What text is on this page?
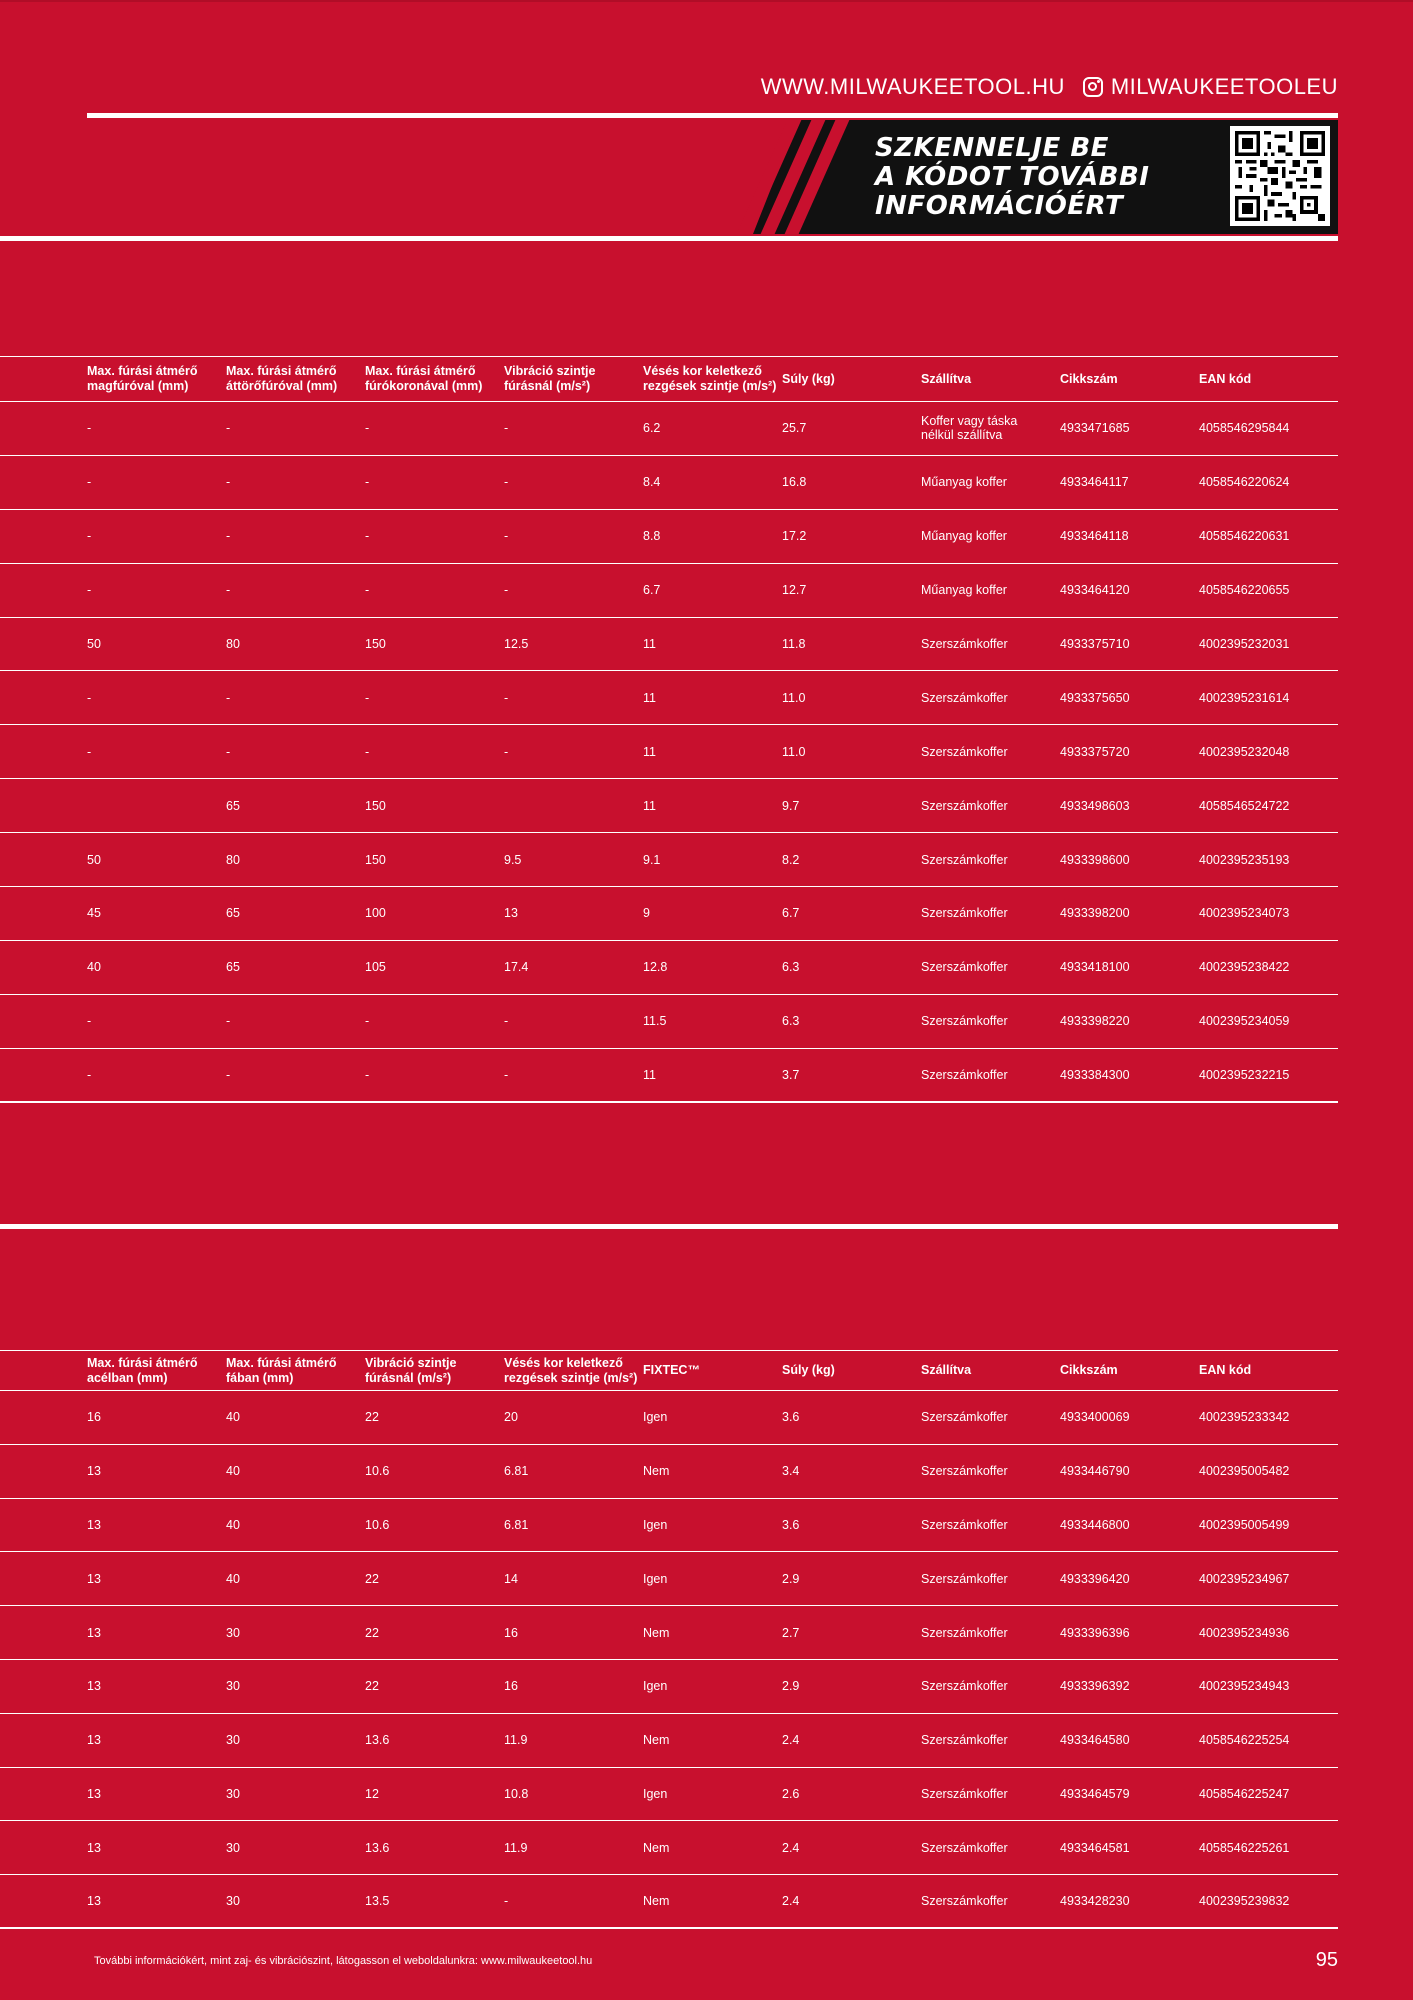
WWW.MILWAUKEETOOL.HU MILWAUKEETOOLEU
SZKENNELJE BE
A KÓDOT TOVÁBBI
INFORMÁCIÓÉRT
	Max. fúrási átmérő magfúróval (mm)	Max. fúrási átmérő áttörőfúróval (mm)	Max. fúrási átmérő fúrókoronával (mm)	Vibráció szintje fúrásnál (m/s²)	Vésés kor keletkező rezgések szintje (m/s²)	Súly (kg)	Szállítva	Cikkszám	EAN kód
	-	-	-	-	6.2	25.7	Koffer vagy táska nélkül szállítva	4933471685	4058546295844
	-	-	-	-	8.4	16.8	Műanyag koffer	4933464117	4058546220624
	-	-	-	-	8.8	17.2	Műanyag koffer	4933464118	4058546220631
	-	-	-	-	6.7	12.7	Műanyag koffer	4933464120	4058546220655
	50	80	150	12.5	11	11.8	Szerszámkoffer	4933375710	4002395232031
	-	-	-	-	11	11.0	Szerszámkoffer	4933375650	4002395231614
	-	-	-	-	11	11.0	Szerszámkoffer	4933375720	4002395232048
		65	150		11	9.7	Szerszámkoffer	4933498603	4058546524722
	50	80	150	9.5	9.1	8.2	Szerszámkoffer	4933398600	4002395235193
	45	65	100	13	9	6.7	Szerszámkoffer	4933398200	4002395234073
	40	65	105	17.4	12.8	6.3	Szerszámkoffer	4933418100	4002395238422
	-	-	-	-	11.5	6.3	Szerszámkoffer	4933398220	4002395234059
	-	-	-	-	11	3.7	Szerszámkoffer	4933384300	4002395232215
	Max. fúrási átmérő acélban (mm)	Max. fúrási átmérő fában (mm)	Vibráció szintje fúrásnál (m/s²)	Vésés kor keletkező rezgések szintje (m/s²)	FIXTEC™	Súly (kg)	Szállítva	Cikkszám	EAN kód
	16	40	22	20	Igen	3.6	Szerszámkoffer	4933400069	4002395233342
	13	40	10.6	6.81	Nem	3.4	Szerszámkoffer	4933446790	4002395005482
	13	40	10.6	6.81	Igen	3.6	Szerszámkoffer	4933446800	4002395005499
	13	40	22	14	Igen	2.9	Szerszámkoffer	4933396420	4002395234967
	13	30	22	16	Nem	2.7	Szerszámkoffer	4933396396	4002395234936
	13	30	22	16	Igen	2.9	Szerszámkoffer	4933396392	4002395234943
	13	30	13.6	11.9	Nem	2.4	Szerszámkoffer	4933464580	4058546225254
	13	30	12	10.8	Igen	2.6	Szerszámkoffer	4933464579	4058546225247
	13	30	13.6	11.9	Nem	2.4	Szerszámkoffer	4933464581	4058546225261
	13	30	13.5	-	Nem	2.4	Szerszámkoffer	4933428230	4002395239832
További információkért, mint zaj- és vibrációszint, látogasson el weboldalunkra: www.milwaukeetool.hu	95
